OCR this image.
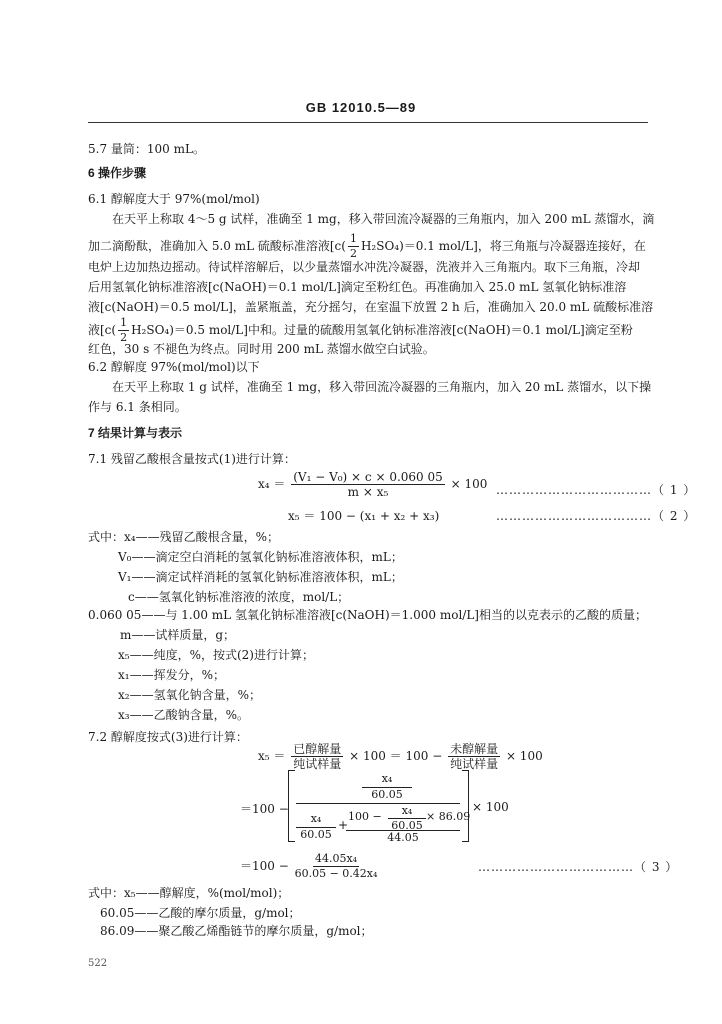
GB 12010.5—89
5.7 量筒：100 mL。
6 操作步骤
6.1 醇解度大于 97%(mol/mol)
在天平上称取 4～5 g 试样，准确至 1 mg，移入带回流冷凝器的三角瓶内，加入 200 mL 蒸馏水，滴
加二滴酚酞，准确加入 5.0 mL 硫酸标准溶液[$c( \frac{1}{2} H_2SO_4)=0.1$ mol/L]，将三角瓶与冷凝器连接好，在
电炉上边加热边摇动。待试样溶解后，以少量蒸馏水冲洗冷凝器，洗液并入三角瓶内。取下三角瓶，冷却
后用氢氧化钠标准溶液[c(NaOH)＝0.1 mol/L]滴定至粉红色。再准确加入 25.0 mL 氢氧化钠标准溶
液[c(NaOH)＝0.5 mol/L]，盖紧瓶盖，充分摇匀，在室温下放置 2 h 后，准确加入 20.0 mL 硫酸标准溶
液[$c( \frac{1}{2} H_2SO_4)=0.5$ mol/L]中和。过量的硫酸用氢氧化钠标准溶液[c(NaOH)＝0.1 mol/L]滴定至粉
红色，30 s 不褪色为终点。同时用 200 mL 蒸馏水做空白试验。
6.2 醇解度 97%(mol/mol)以下
在天平上称取 1 g 试样，准确至 1 mg，移入带回流冷凝器的三角瓶内，加入 20 mL 蒸馏水，以下操
作与 6.1 条相同。
7 结果计算与表示
7.1 残留乙酸根含量按式(1)进行计算：
$x_4 = \frac{\text{(V₁ − V₀) × c × 0.060 05}}{\text{m × x₅}} \times 100$ ………………………………（ 1 ）
x₅ ＝ 100 − (x₁ + x₂ + x₃)	………………………………（ 2 ）
式中：x₄——残留乙酸根含量，%；
V₀——滴定空白消耗的氢氧化钠标准溶液体积，mL；
V₁——滴定试样消耗的氢氧化钠标准溶液体积，mL；
c——氢氧化钠标准溶液的浓度，mol/L；
0.060 05——与 1.00 mL 氢氧化钠标准溶液[c(NaOH)＝1.000 mol/L]相当的以克表示的乙酸的质量；
m——试样质量，g；
x₅——纯度，%，按式(2)进行计算；
x₁——挥发分，%；
x₂——氢氧化钠含量，%；
x₃——乙酸钠含量，%。
7.2 醇解度按式(3)进行计算：
$x_5 = \frac{\text{已醇解量}}{\text{纯试样量}} \times 100 = 100 - \frac{\text{未醇解量}}{\text{纯试样量}} \times 100$
＝100 −
x₄
60.05
x₄
60.05
+
100 −	x₄
60.05
× 86.09
44.05
× 100
$=100 - \frac{\text{44.05x₄}}{\text{60.05 − 0.42x₄}}$	………………………………（ 3 ）
式中：x₅——醇解度，%(mol/mol)；
60.05——乙酸的摩尔质量，g/mol；
86.09——聚乙酸乙烯酯链节的摩尔质量，g/mol；
522
